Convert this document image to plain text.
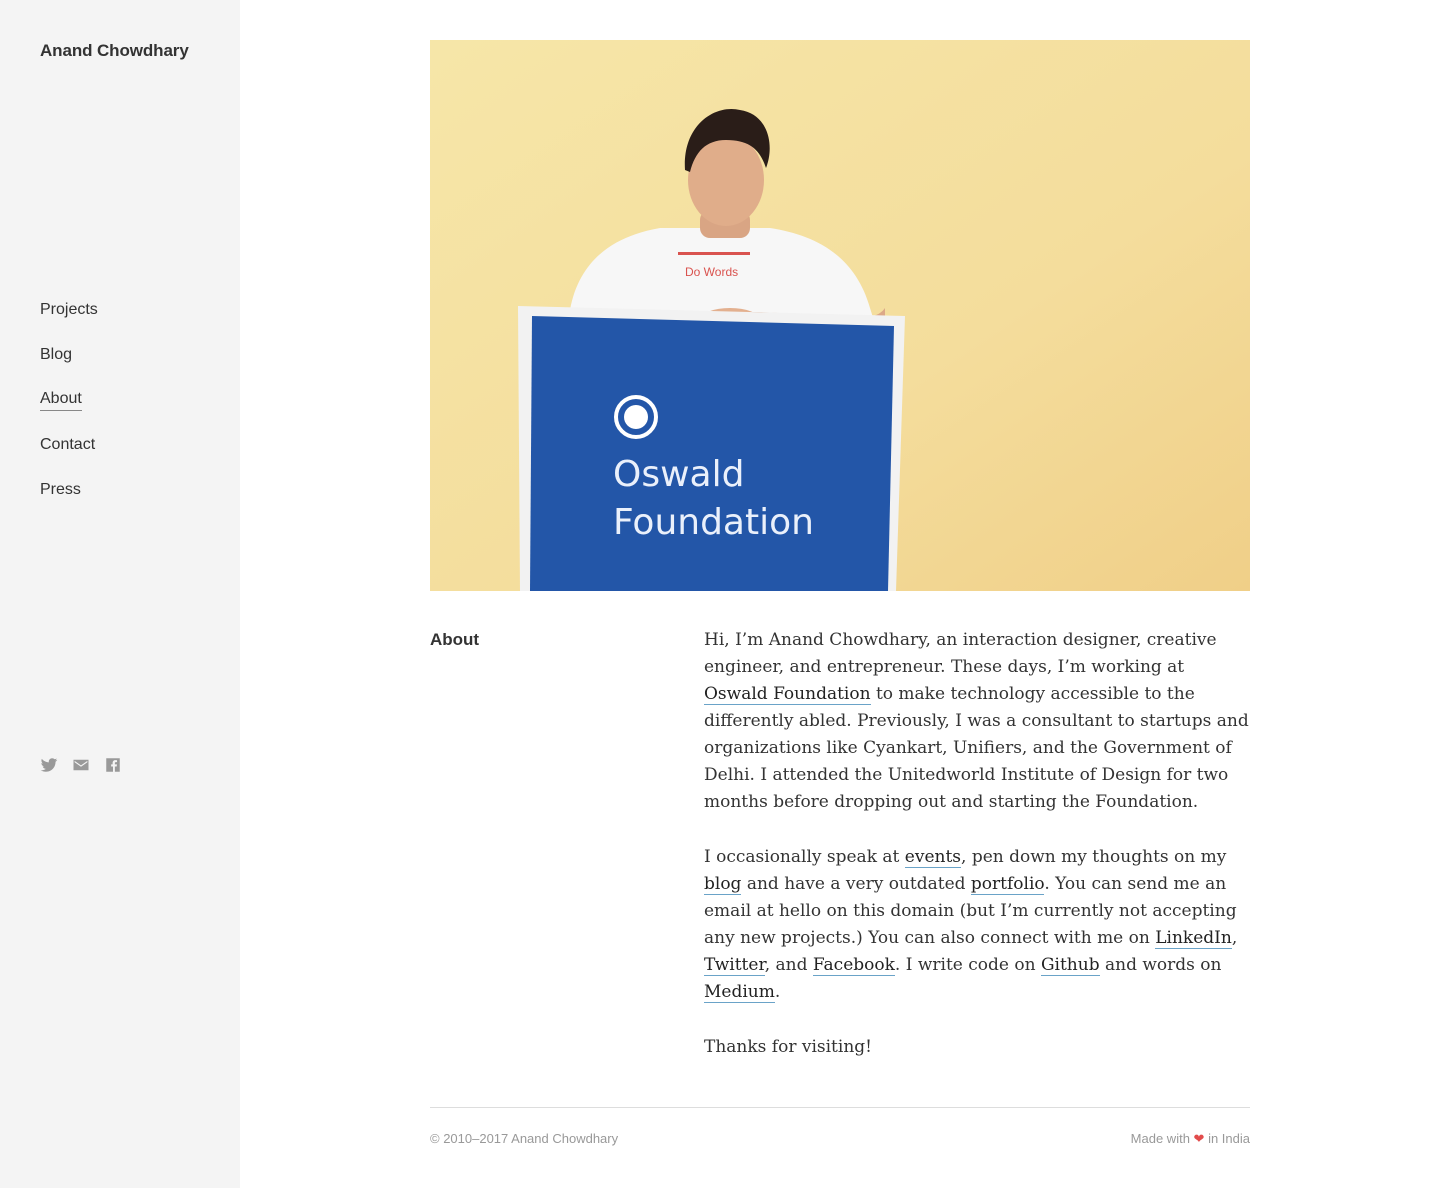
Anand Chowdhary
Projects
Blog
About
Contact
Press
Do Words
Oswald
Foundation
About	Hi, I’m Anand Chowdhary, an interaction designer, creative engineer, and entrepreneur. These days, I’m working at Oswald Foundation to make technology accessible to the differently abled. Previously, I was a consultant to startups and organizations like Cyankart, Unifiers, and the Government of Delhi. I attended the Unitedworld Institute of Design for two months before dropping out and starting the Foundation.

I occasionally speak at events, pen down my thoughts on my blog and have a very outdated portfolio. You can send me an email at hello on this domain (but I’m currently not accepting any new projects.) You can also connect with me on LinkedIn, Twitter, and Facebook. I write code on Github and words on Medium.

Thanks for visiting!

© 2010–2017 Anand Chowdhary	Made with ❤ in India
